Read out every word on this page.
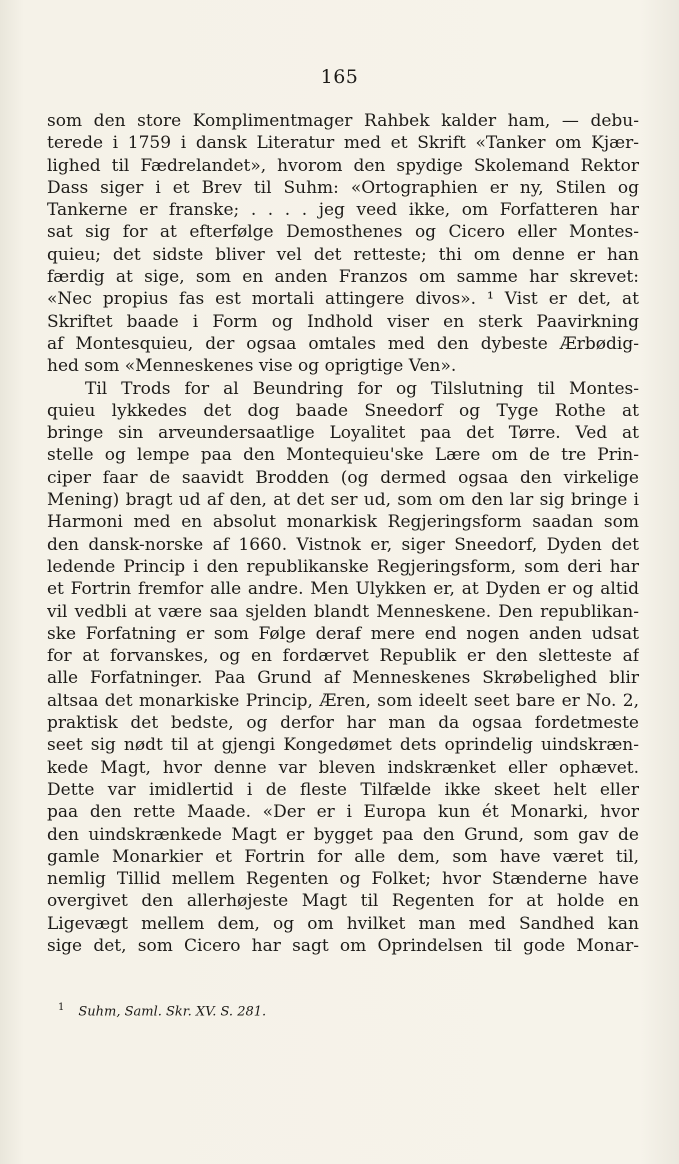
165
som den store Komplimentmager Rahbek kalder ham, — debu-
terede i 1759 i dansk Literatur med et Skrift «Tanker om Kjær-
lighed til Fædrelandet», hvorom den spydige Skolemand Rektor
Dass siger i et Brev til Suhm: «Ortographien er ny, Stilen og
Tankerne er franske; . . . . jeg veed ikke, om Forfatteren har
sat sig for at efterfølge Demosthenes og Cicero eller Montes-
quieu; det sidste bliver vel det retteste; thi om denne er han
færdig at sige, som en anden Franzos om samme har skrevet:
«Nec propius fas est mortali attingere divos». ¹ Vist er det, at
Skriftet baade i Form og Indhold viser en sterk Paavirkning
af Montesquieu, der ogsaa omtales med den dybeste Ærbødig-
hed som «Menneskenes vise og oprigtige Ven».
Til Trods for al Beundring for og Tilslutning til Montes-
quieu lykkedes det dog baade Sneedorf og Tyge Rothe at
bringe sin arveundersaatlige Loyalitet paa det Tørre. Ved at
stelle og lempe paa den Montequieu'ske Lære om de tre Prin-
ciper faar de saavidt Brodden (og dermed ogsaa den virkelige
Mening) bragt ud af den, at det ser ud, som om den lar sig bringe i
Harmoni med en absolut monarkisk Regjeringsform saadan som
den dansk-norske af 1660. Vistnok er, siger Sneedorf, Dyden det
ledende Princip i den republikanske Regjeringsform, som deri har
et Fortrin fremfor alle andre. Men Ulykken er, at Dyden er og altid
vil vedbli at være saa sjelden blandt Menneskene. Den republikan-
ske Forfatning er som Følge deraf mere end nogen anden udsat
for at forvanskes, og en fordærvet Republik er den sletteste af
alle Forfatninger. Paa Grund af Menneskenes Skrøbelighed blir
altsaa det monarkiske Princip, Æren, som ideelt seet bare er No. 2,
praktisk det bedste, og derfor har man da ogsaa fordetmeste
seet sig nødt til at gjengi Kongedømet dets oprindelig uindskræn-
kede Magt, hvor denne var bleven indskrænket eller ophævet.
Dette var imidlertid i de fleste Tilfælde ikke skeet helt eller
paa den rette Maade. «Der er i Europa kun ét Monarki, hvor
den uindskrænkede Magt er bygget paa den Grund, som gav de
gamle Monarkier et Fortrin for alle dem, som have været til,
nemlig Tillid mellem Regenten og Folket; hvor Stænderne have
overgivet den allerhøjeste Magt til Regenten for at holde en
Ligevægt mellem dem, og om hvilket man med Sandhed kan
sige det, som Cicero har sagt om Oprindelsen til gode Monar-
$^1$ Suhm, Saml. Skr. XV. S. 281.
